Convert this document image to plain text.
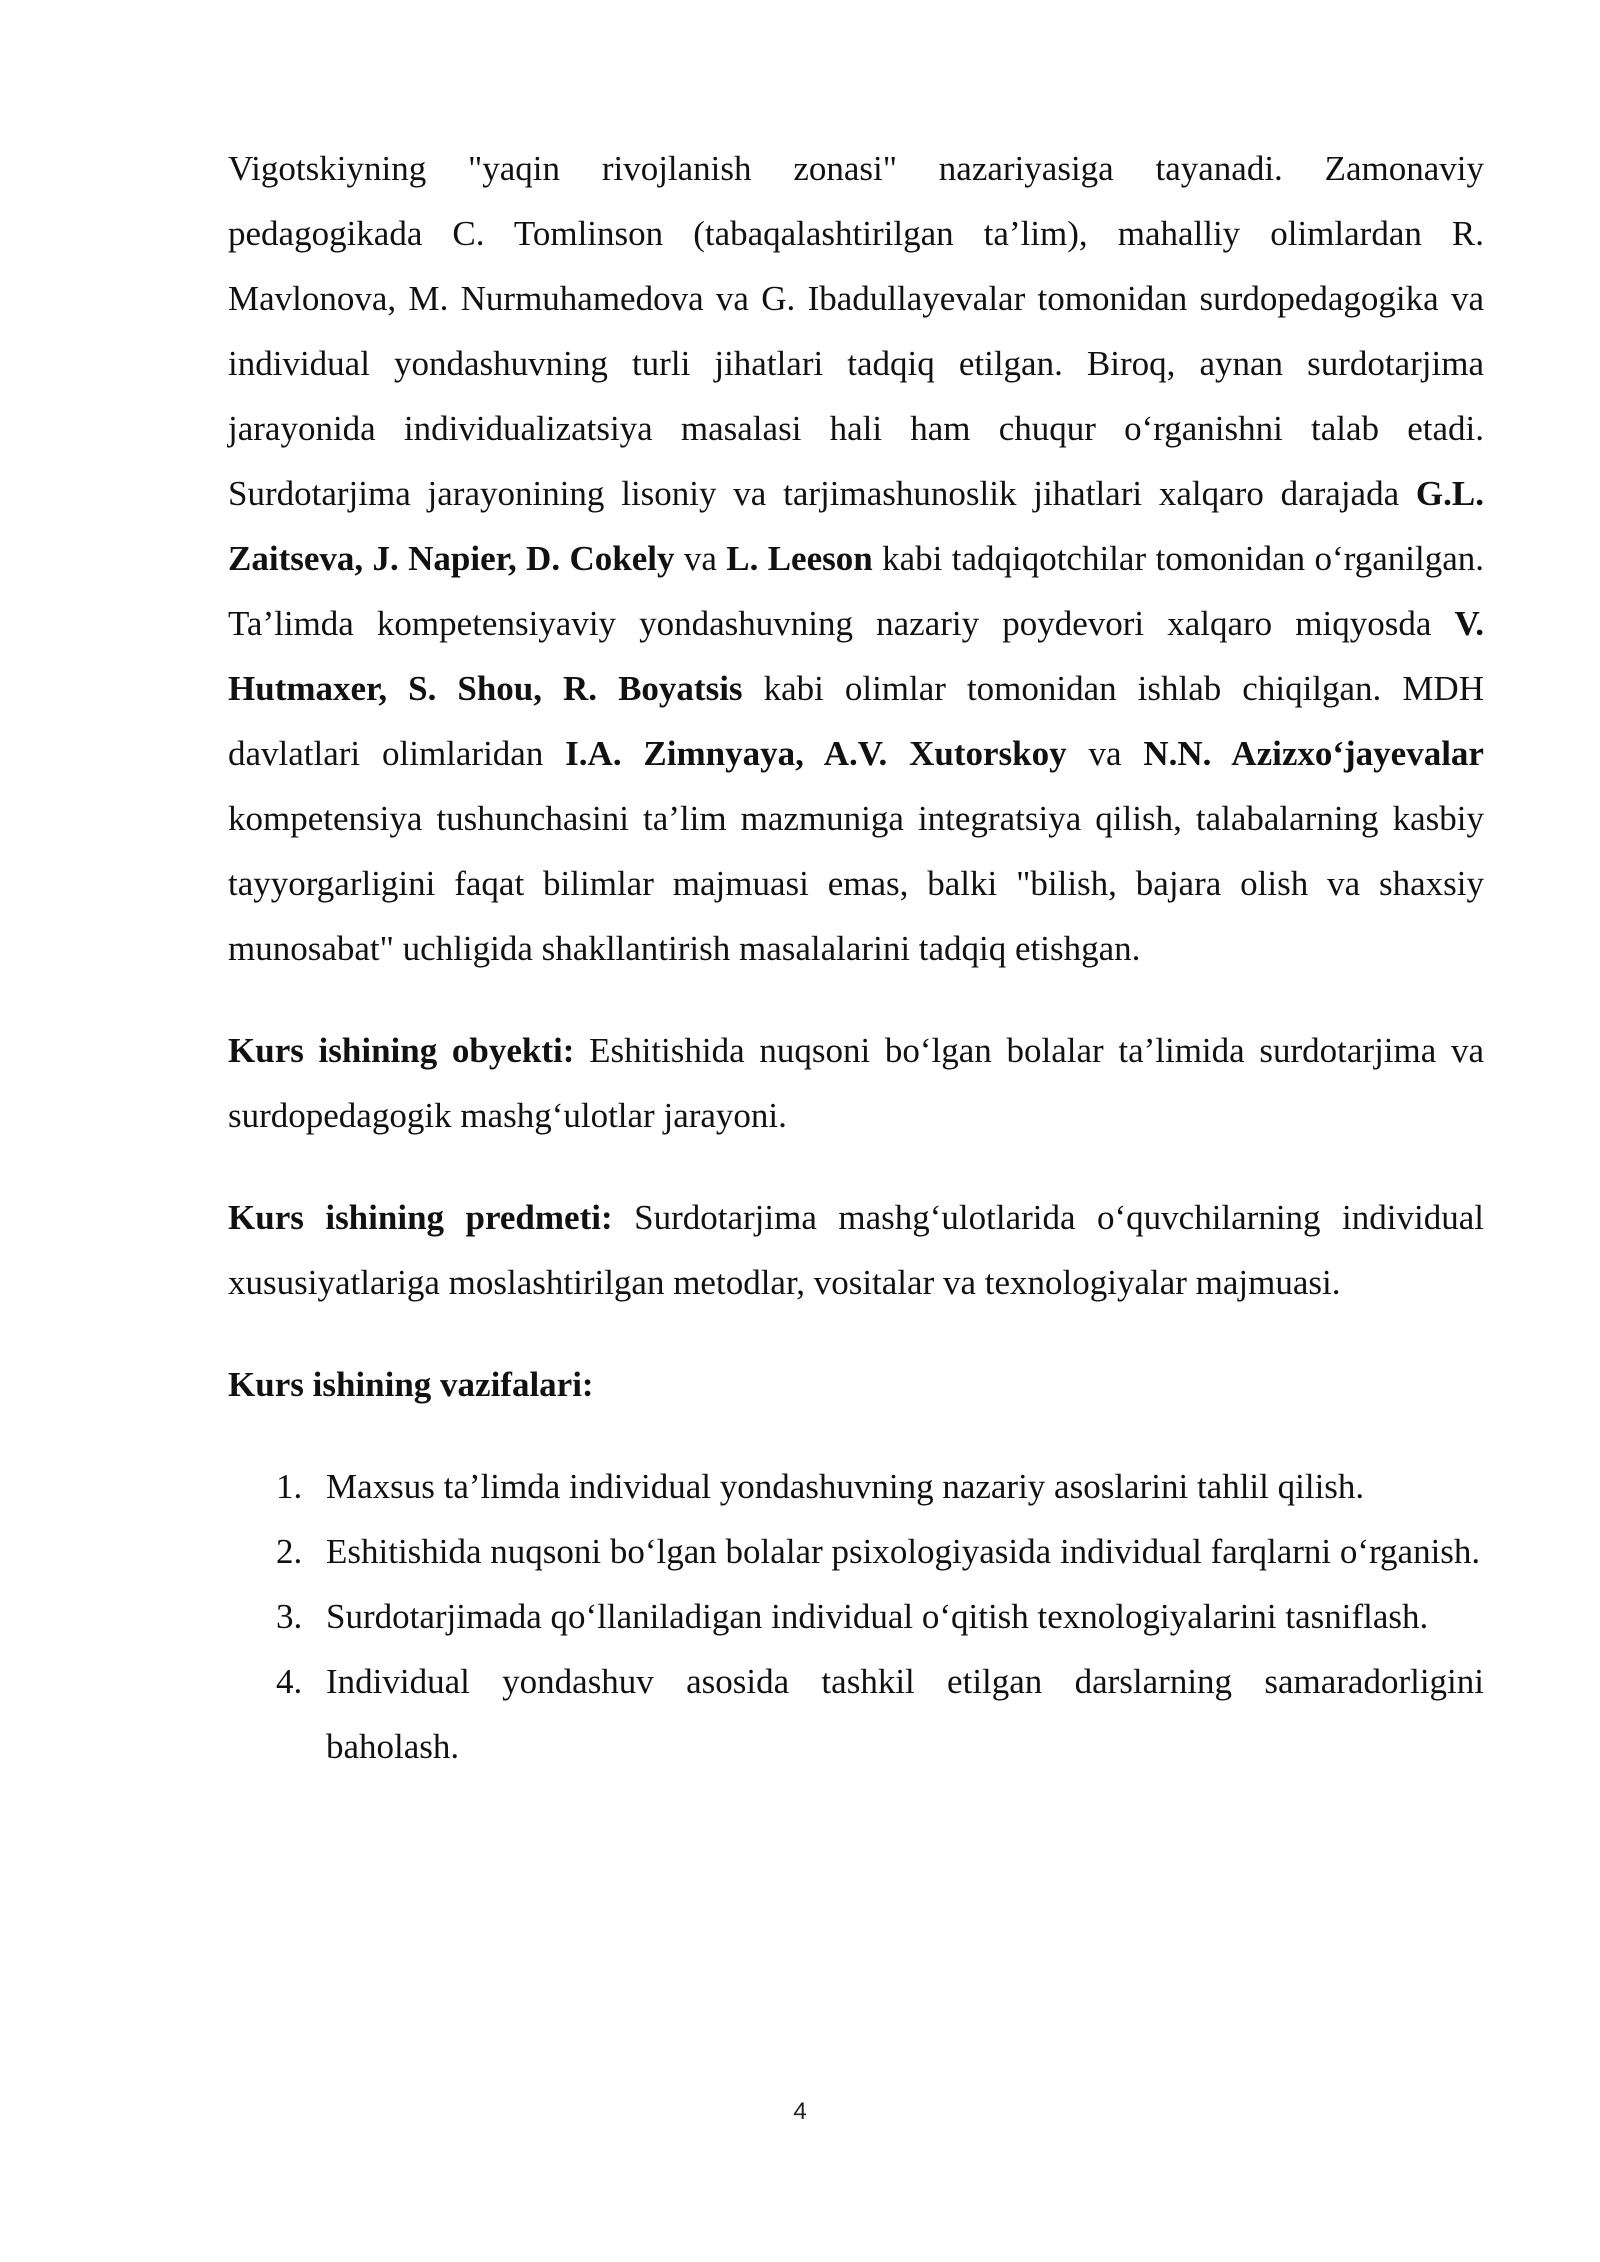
Vigotskiyning "yaqin rivojlanish zonasi" nazariyasiga tayanadi. Zamonaviy pedagogikada C. Tomlinson (tabaqalashtirilgan ta’lim), mahalliy olimlardan R. Mavlonova, M. Nurmuhamedova va G. Ibadullayevalar tomonidan surdopedagogika va individual yondashuvning turli jihatlari tadqiq etilgan. Biroq, aynan surdotarjima jarayonida individualizatsiya masalasi hali ham chuqur o‘rganishni talab etadi. Surdotarjima jarayonining lisoniy va tarjimashunoslik jihatlari xalqaro darajada G.L. Zaitseva, J. Napier, D. Cokely va L. Leeson kabi tadqiqotchilar tomonidan o‘rganilgan. Ta’limda kompetensiyaviy yondashuvning nazariy poydevori xalqaro miqyosda V. Hutmaxer, S. Shou, R. Boyatsis kabi olimlar tomonidan ishlab chiqilgan. MDH davlatlari olimlaridan I.A. Zimnyaya, A.V. Xutorskoy va N.N. Azizxo‘jayevalar kompetensiya tushunchasini ta’lim mazmuniga integratsiya qilish, talabalarning kasbiy tayyorgarligini faqat bilimlar majmuasi emas, balki "bilish, bajara olish va shaxsiy munosabat" uchligida shakllantirish masalalarini tadqiq etishgan.

Kurs ishining obyekti: Eshitishida nuqsoni bo‘lgan bolalar ta’limida surdotarjima va surdopedagogik mashg‘ulotlar jarayoni.

Kurs ishining predmeti: Surdotarjima mashg‘ulotlarida o‘quvchilarning individual xususiyatlariga moslashtirilgan metodlar, vositalar va texnologiyalar majmuasi.

Kurs ishining vazifalari:

1. Maxsus ta’limda individual yondashuvning nazariy asoslarini tahlil qilish.
2. Eshitishida nuqsoni bo‘lgan bolalar psixologiyasida individual farqlarni o‘rganish.
3. Surdotarjimada qo‘llaniladigan individual o‘qitish texnologiyalarini tasniflash.
4. Individual yondashuv asosida tashkil etilgan darslarning samaradorligini baholash.
4
